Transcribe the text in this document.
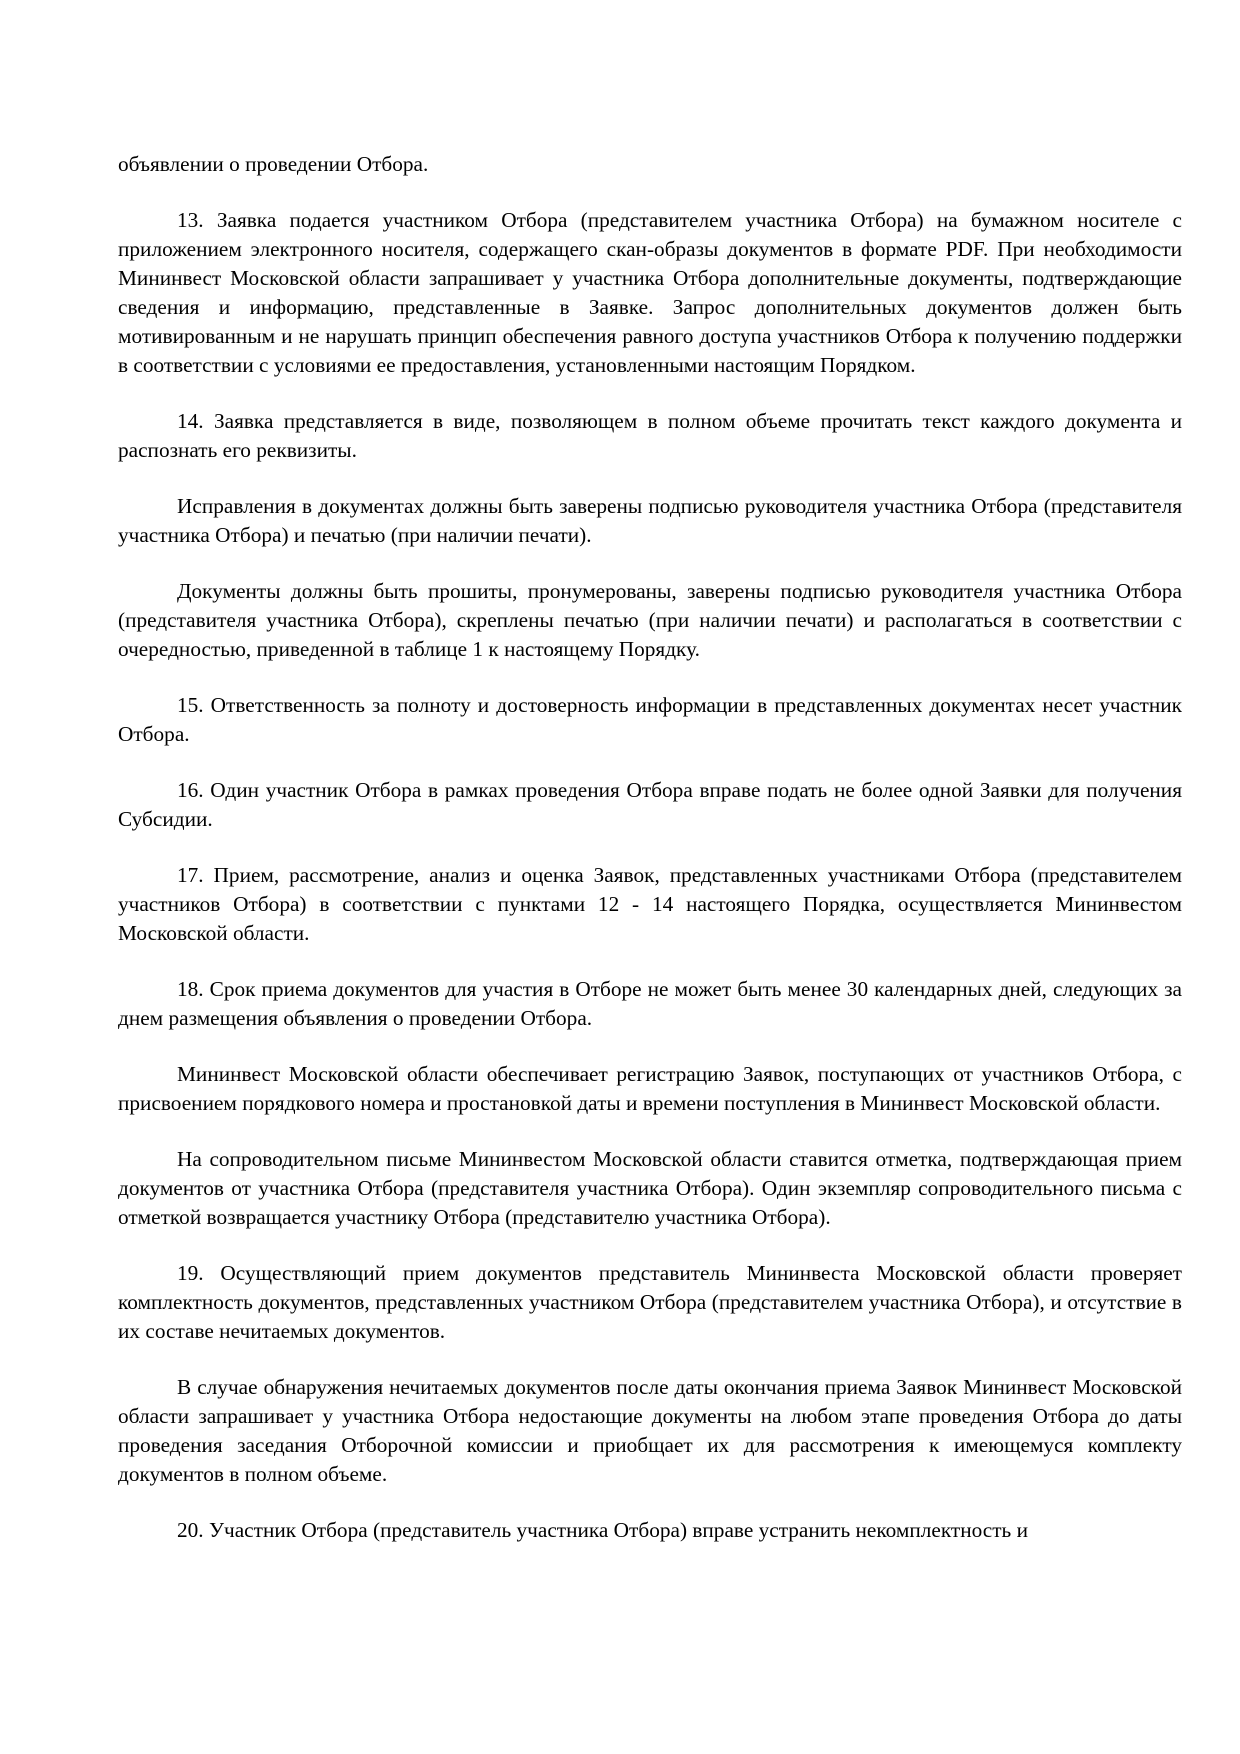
объявлении о проведении Отбора.

13. Заявка подается участником Отбора (представителем участника Отбора) на бумажном носителе с приложением электронного носителя, содержащего скан-образы документов в формате PDF. При необходимости Мининвест Московской области запрашивает у участника Отбора дополнительные документы, подтверждающие сведения и информацию, представленные в Заявке. Запрос дополнительных документов должен быть мотивированным и не нарушать принцип обеспечения равного доступа участников Отбора к получению поддержки в соответствии с условиями ее предоставления, установленными настоящим Порядком.

14. Заявка представляется в виде, позволяющем в полном объеме прочитать текст каждого документа и распознать его реквизиты.

Исправления в документах должны быть заверены подписью руководителя участника Отбора (представителя участника Отбора) и печатью (при наличии печати).

Документы должны быть прошиты, пронумерованы, заверены подписью руководителя участника Отбора (представителя участника Отбора), скреплены печатью (при наличии печати) и располагаться в соответствии с очередностью, приведенной в таблице 1 к настоящему Порядку.

15. Ответственность за полноту и достоверность информации в представленных документах несет участник Отбора.

16. Один участник Отбора в рамках проведения Отбора вправе подать не более одной Заявки для получения Субсидии.

17. Прием, рассмотрение, анализ и оценка Заявок, представленных участниками Отбора (представителем участников Отбора) в соответствии с пунктами 12 - 14 настоящего Порядка, осуществляется Мининвестом Московской области.

18. Срок приема документов для участия в Отборе не может быть менее 30 календарных дней, следующих за днем размещения объявления о проведении Отбора.

Мининвест Московской области обеспечивает регистрацию Заявок, поступающих от участников Отбора, с присвоением порядкового номера и простановкой даты и времени поступления в Мининвест Московской области.

На сопроводительном письме Мининвестом Московской области ставится отметка, подтверждающая прием документов от участника Отбора (представителя участника Отбора). Один экземпляр сопроводительного письма с отметкой возвращается участнику Отбора (представителю участника Отбора).

19. Осуществляющий прием документов представитель Мининвеста Московской области проверяет комплектность документов, представленных участником Отбора (представителем участника Отбора), и отсутствие в их составе нечитаемых документов.

В случае обнаружения нечитаемых документов после даты окончания приема Заявок Мининвест Московской области запрашивает у участника Отбора недостающие документы на любом этапе проведения Отбора до даты проведения заседания Отборочной комиссии и приобщает их для рассмотрения к имеющемуся комплекту документов в полном объеме.

20. Участник Отбора (представитель участника Отбора) вправе устранить некомплектность и
